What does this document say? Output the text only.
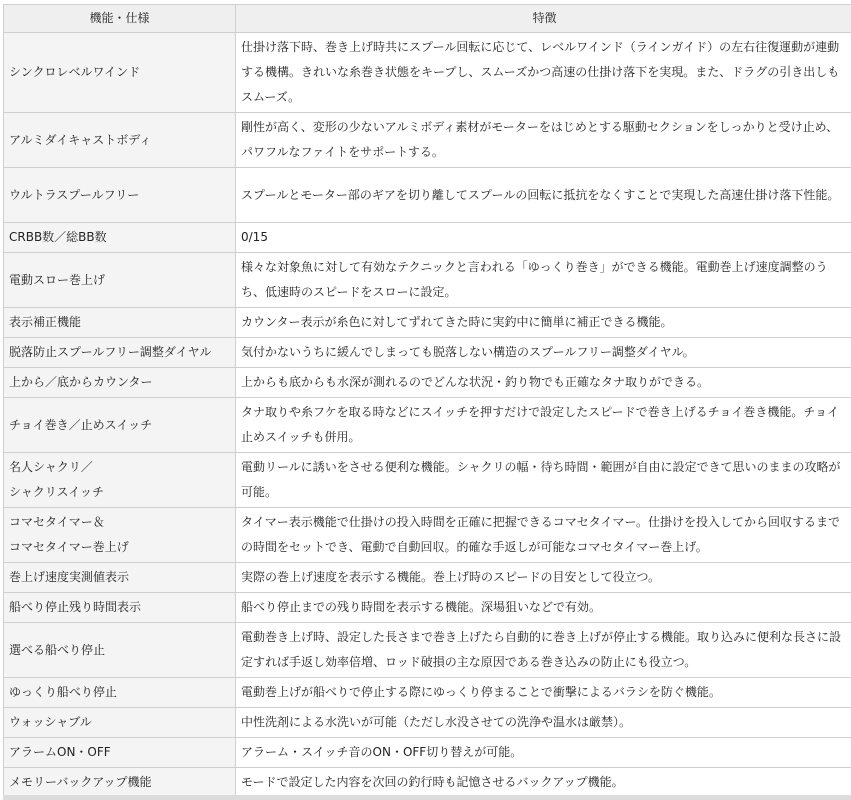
機能・仕様	特徴
シンクロレベルワインド	仕掛け落下時、巻き上げ時共にスプール回転に応じて、レベルワインド（ラインガイド）の左右往復運動が連動する機構。きれいな糸巻き状態をキープし、スムーズかつ高速の仕掛け落下を実現。また、ドラグの引き出しもスムーズ。
アルミダイキャストボディ	剛性が高く、変形の少ないアルミボディ素材がモーターをはじめとする駆動セクションをしっかりと受け止め、パワフルなファイトをサポートする。
ウルトラスプールフリー	スプールとモーター部のギアを切り離してスプールの回転に抵抗をなくすことで実現した高速仕掛け落下性能。
CRBB数／総BB数	0/15
電動スロー巻上げ	様々な対象魚に対して有効なテクニックと言われる「ゆっくり巻き」ができる機能。電動巻上げ速度調整のうち、低速時のスピードをスローに設定。
表示補正機能	カウンター表示が糸色に対してずれてきた時に実釣中に簡単に補正できる機能。
脱落防止スプールフリー調整ダイヤル	気付かないうちに緩んでしまっても脱落しない構造のスプールフリー調整ダイヤル。
上から／底からカウンター	上からも底からも水深が測れるのでどんな状況・釣り物でも正確なタナ取りができる。
チョイ巻き／止めスイッチ	タナ取りや糸フケを取る時などにスイッチを押すだけで設定したスピードで巻き上げるチョイ巻き機能。チョイ止めスイッチも併用。
名人シャクリ／
シャクリスイッチ	電動リールに誘いをさせる便利な機能。シャクリの幅・待ち時間・範囲が自由に設定できて思いのままの攻略が可能。
コマセタイマー＆
コマセタイマー巻上げ	タイマー表示機能で仕掛けの投入時間を正確に把握できるコマセタイマー。仕掛けを投入してから回収するまでの時間をセットでき、電動で自動回収。的確な手返しが可能なコマセタイマー巻上げ。
巻上げ速度実測値表示	実際の巻上げ速度を表示する機能。巻上げ時のスピードの目安として役立つ。
船べり停止残り時間表示	船べり停止までの残り時間を表示する機能。深場狙いなどで有効。
選べる船べり停止	電動巻き上げ時、設定した長さまで巻き上げたら自動的に巻き上げが停止する機能。取り込みに便利な長さに設定すれば手返し効率倍増、ロッド破損の主な原因である巻き込みの防止にも役立つ。
ゆっくり船べり停止	電動巻上げが船べりで停止する際にゆっくり停まることで衝撃によるバラシを防ぐ機能。
ウォッシャブル	中性洗剤による水洗いが可能（ただし水没させての洗浄や温水は厳禁）。
アラームON・OFF	アラーム・スイッチ音のON・OFF切り替えが可能。
メモリーバックアップ機能	モードで設定した内容を次回の釣行時も記憶させるバックアップ機能。
